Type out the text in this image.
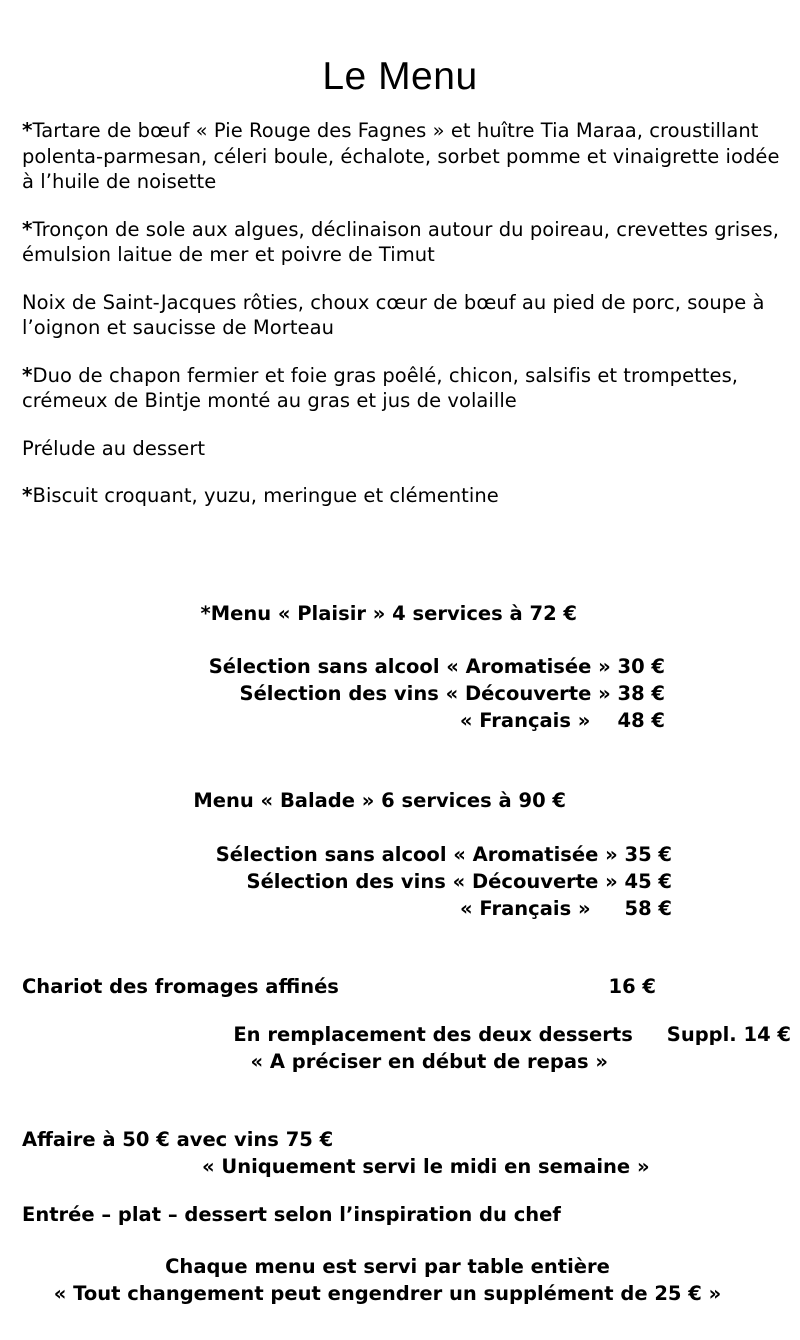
Le Menu

*Tartare de bœuf « Pie Rouge des Fagnes » et huître Tia Maraa, croustillant polenta-parmesan, céleri boule, échalote, sorbet pomme et vinaigrette iodée à l’huile de noisette

*Tronçon de sole aux algues, déclinaison autour du poireau, crevettes grises, émulsion laitue de mer et poivre de Timut

Noix de Saint-Jacques rôties, choux cœur de bœuf au pied de porc, soupe à l’oignon et saucisse de Morteau

*Duo de chapon fermier et foie gras poêlé, chicon, salsifis et trompettes, crémeux de Bintje monté au gras et jus de volaille

Prélude au dessert

*Biscuit croquant, yuzu, meringue et clémentine

*Menu « Plaisir » 4 services à 72 €
Sélection sans alcool « Aromatisée » 30 €
Sélection des vins « Découverte » 38 €
« Français »    48 €
Menu « Balade » 6 services à 90 €
Sélection sans alcool « Aromatisée » 35 €
Sélection des vins « Découverte » 45 €
« Français »     58 €
Chariot des fromages affinés	16 €
En remplacement des deux desserts Suppl. 14 €
« A préciser en début de repas »
Affaire à 50 € avec vins 75 €
« Uniquement servi le midi en semaine »
Entrée – plat – dessert selon l’inspiration du chef
Chaque menu est servi par table entière
« Tout changement peut engendrer un supplément de 25 € »
